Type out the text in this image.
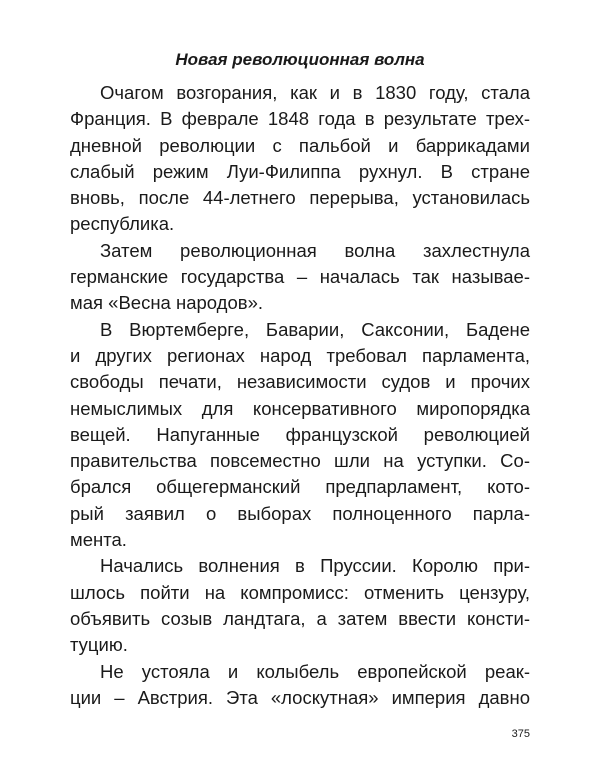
Новая революционная волна
Очагом возгорания, как и в 1830 году, стала
Франция. В феврале 1848 года в результате трех-
дневной революции с пальбой и баррикадами
слабый режим Луи-Филиппа рухнул. В стране
вновь, после 44-летнего перерыва, установилась
республика.
Затем революционная волна захлестнула
германские государства – началась так называе-
мая «Весна народов».
В Вюртемберге, Баварии, Саксонии, Бадене
и других регионах народ требовал парламента,
свободы печати, независимости судов и прочих
немыслимых для консервативного миропорядка
вещей. Напуганные французской революцией
правительства повсеместно шли на уступки. Со-
брался общегерманский предпарламент, кото-
рый заявил о выборах полноценного парла-
мента.
Начались волнения в Пруссии. Королю при-
шлось пойти на компромисс: отменить цензуру,
объявить созыв ландтага, а затем ввести консти-
туцию.
Не устояла и колыбель европейской реак-
ции – Австрия. Эта «лоскутная» империя давно
375
